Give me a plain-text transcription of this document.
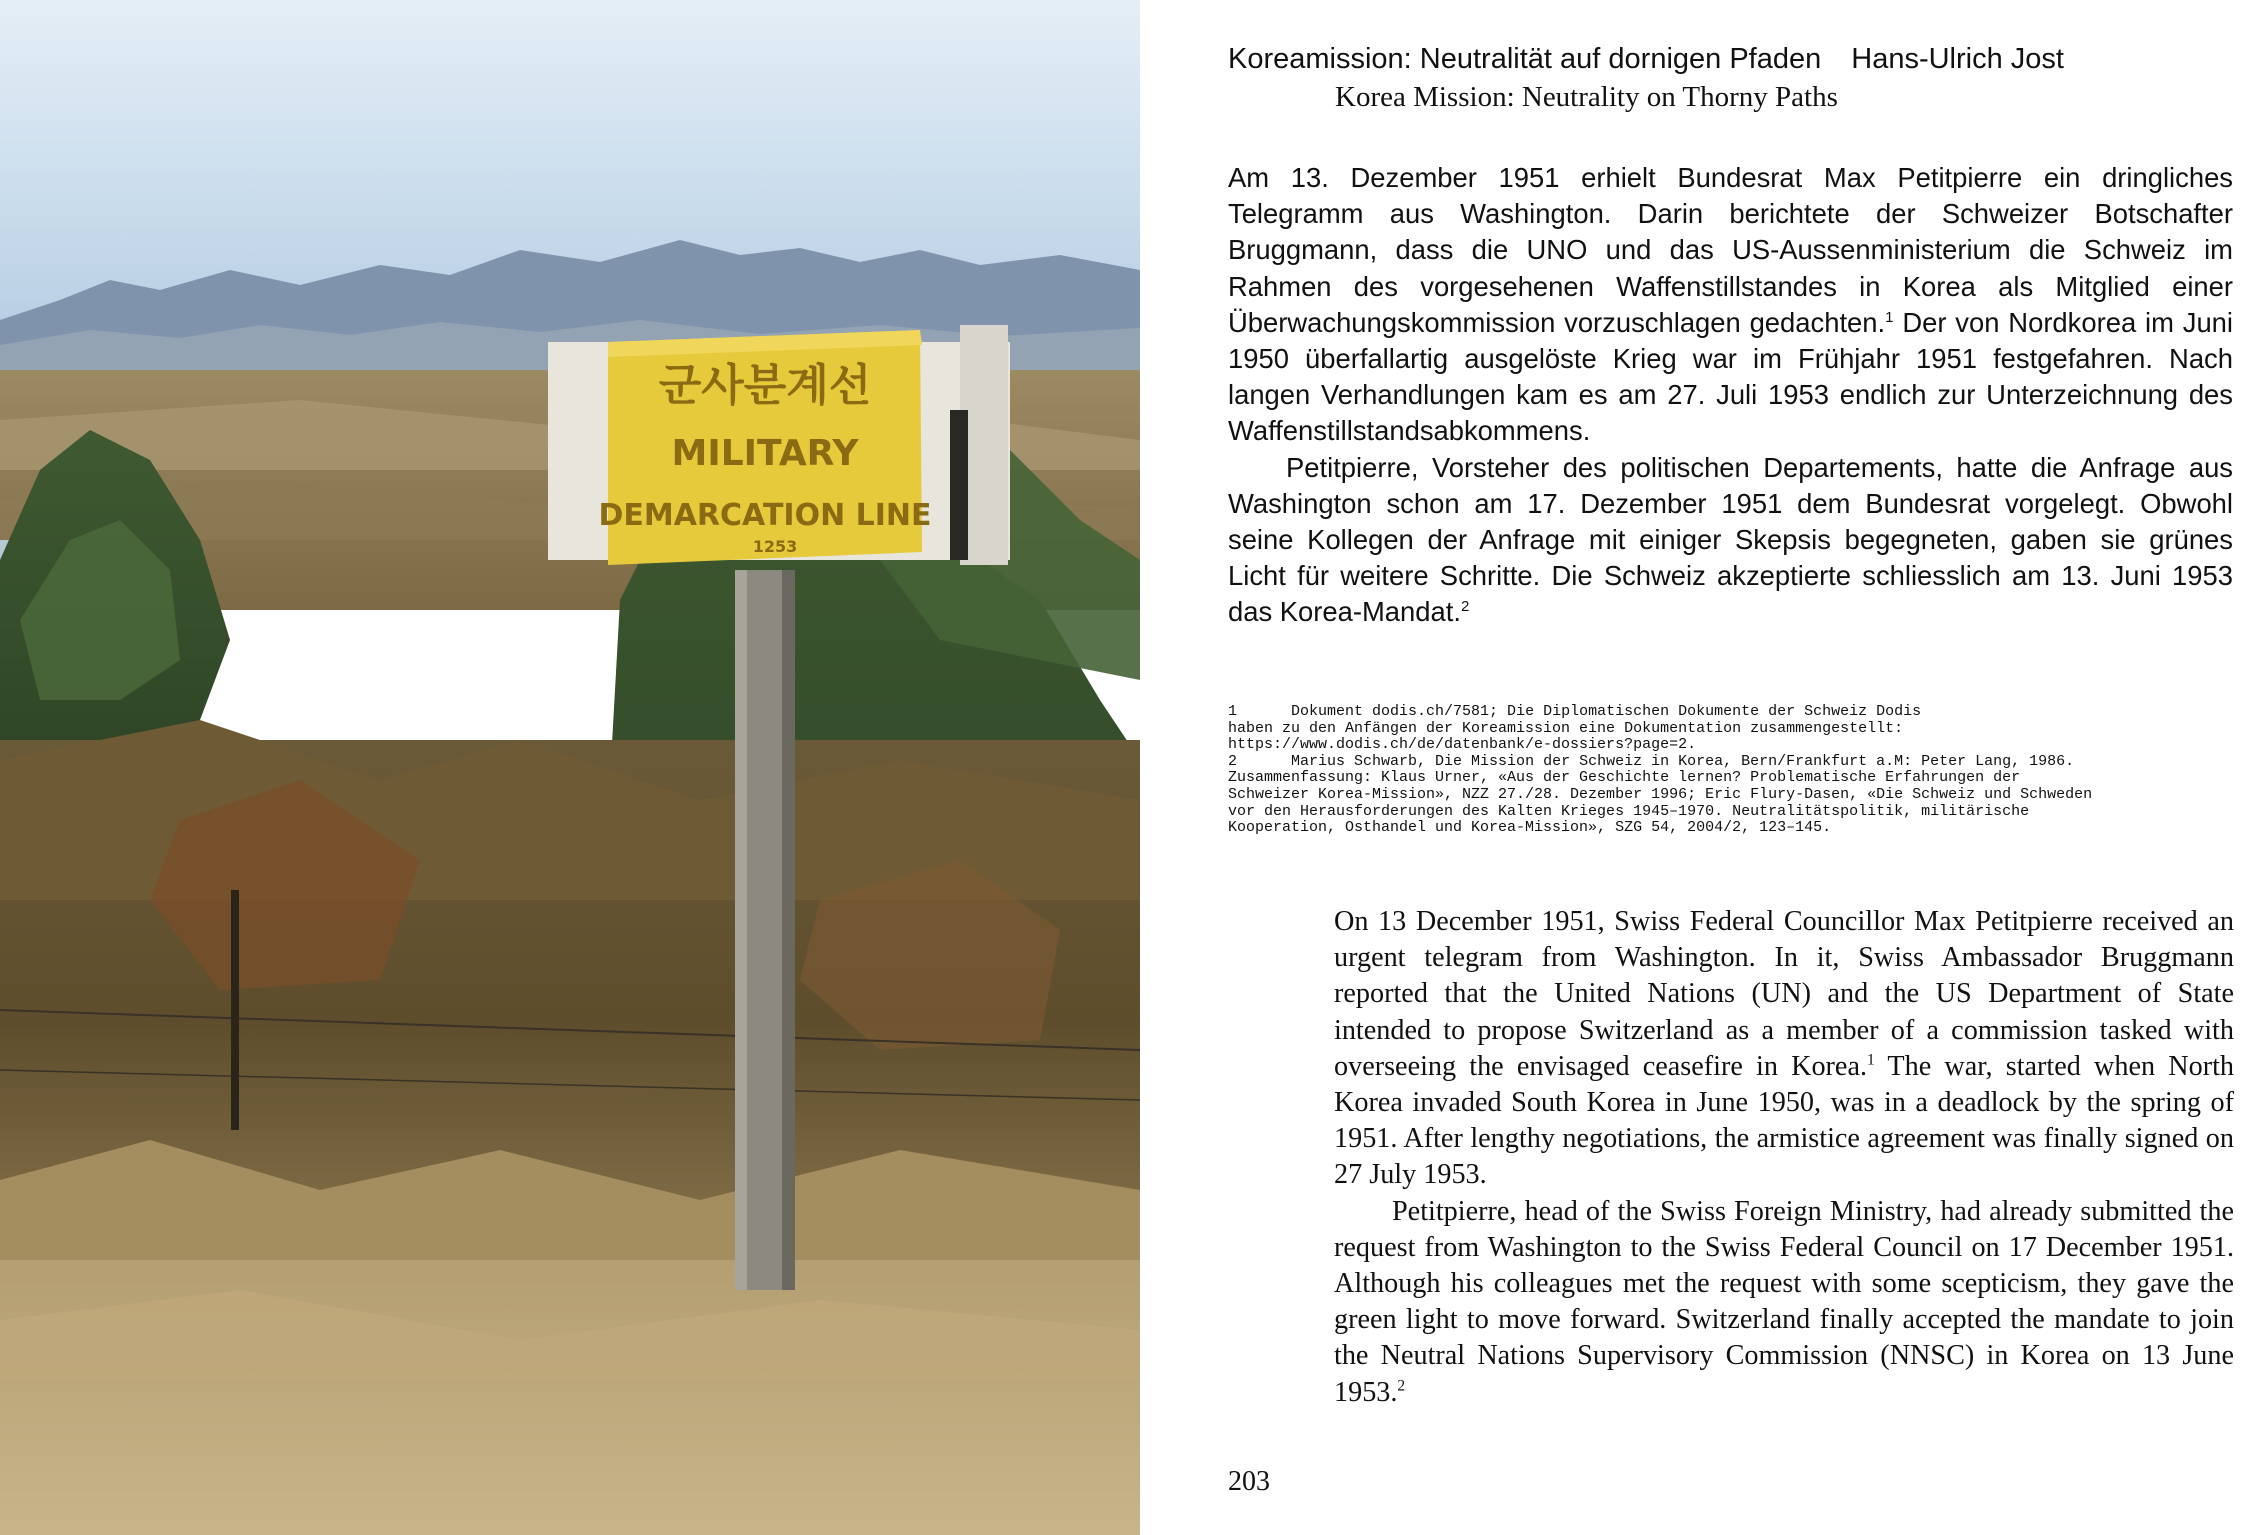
군사분계선
MILITARY
DEMARCATION LINE
1253
Koreamission: Neutralität auf dornigen Pfaden Hans-Ulrich Jost
Korea Mission: Neutrality on Thorny Paths

Am 13. Dezember 1951 erhielt Bundesrat Max Petitpierre ein dringliches Telegramm aus Washington. Darin berichtete der Schweizer Botschafter Bruggmann, dass die UNO und das US-Aussenministerium die Schweiz im Rahmen des vorgesehenen Waffenstillstandes in Korea als Mitglied einer Überwachungskommission vorzuschlagen gedachten.$^1$ Der von Nordkorea im Juni 1950 überfallartig ausgelöste Krieg war im Frühjahr 1951 festgefahren. Nach langen Verhandlungen kam es am 27. Juli 1953 endlich zur Unterzeichnung des Waffenstillstandsabkommens.

Petitpierre, Vorsteher des politischen Departements, hatte die Anfrage aus Washington schon am 17. Dezember 1951 dem Bundesrat vorgelegt. Obwohl seine Kollegen der Anfrage mit einiger Skepsis begegneten, gaben sie grünes Licht für weitere Schritte. Die Schweiz akzeptierte schliesslich am 13. Juni 1953 das Korea-Mandat.$^2$

1	Dokument dodis.ch/7581; Die Diplomatischen Dokumente der Schweiz Dodis
haben zu den Anfängen der Koreamission eine Dokumentation zusammengestellt:
https://www.dodis.ch/de/datenbank/e-dossiers?page=2.

2	Marius Schwarb, Die Mission der Schweiz in Korea, Bern/Frankfurt a.M: Peter Lang, 1986.
Zusammenfassung: Klaus Urner, «Aus der Geschichte lernen? Problematische Erfahrungen der
Schweizer Korea-Mission», NZZ 27./28. Dezember 1996; Eric Flury-Dasen, «Die Schweiz und Schweden
vor den Herausforderungen des Kalten Krieges 1945–1970. Neutralitätspolitik, militärische
Kooperation, Osthandel und Korea-Mission», SZG 54, 2004/2, 123–145.

On 13 December 1951, Swiss Federal Councillor Max Petitpierre received an urgent telegram from Washington. In it, Swiss Ambassador Bruggmann reported that the United Nations (UN) and the US Department of State intended to propose Switzerland as a member of a commission tasked with overseeing the envisaged ceasefire in Korea.$^1$ The war, started when North Korea invaded South Korea in June 1950, was in a deadlock by the spring of 1951. After lengthy negotiations, the armistice agreement was finally signed on 27 July 1953.

Petitpierre, head of the Swiss Foreign Ministry, had already submitted the request from Washington to the Swiss Federal Council on 17 December 1951. Although his colleagues met the request with some scepticism, they gave the green light to move forward. Switzerland finally accepted the mandate to join the Neutral Nations Supervisory Commission (NNSC) in Korea on 13 June 1953.$^2$

203
